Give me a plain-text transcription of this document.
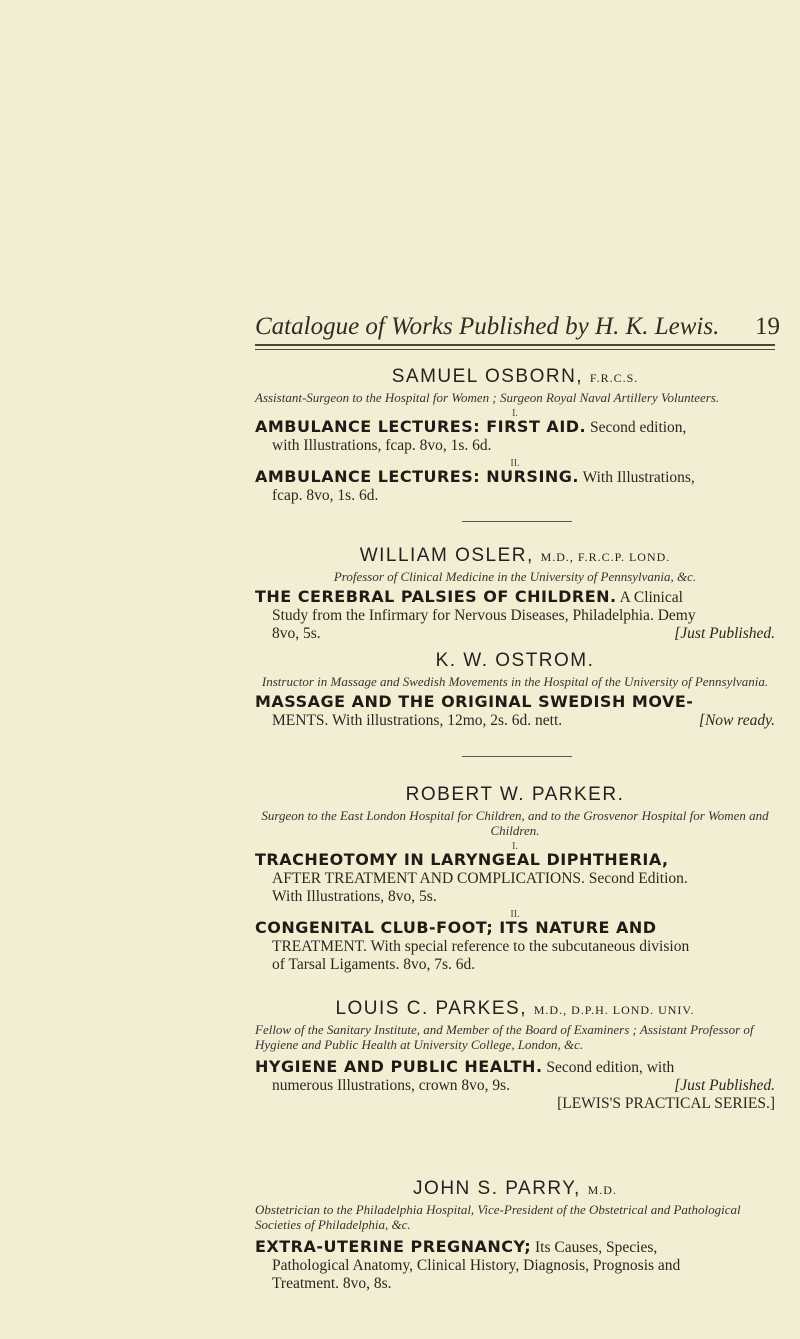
Catalogue of Works Published by H. K. Lewis. 19
SAMUEL OSBORN, F.R.C.S.
Assistant-Surgeon to the Hospital for Women ; Surgeon Royal Naval Artillery Volunteers.
I.
AMBULANCE LECTURES: FIRST AID. Second edition,
with Illustrations, fcap. 8vo, 1s. 6d.
II.
AMBULANCE LECTURES: NURSING. With Illustrations,
fcap. 8vo, 1s. 6d.
WILLIAM OSLER, M.D., F.R.C.P. LOND.
Professor of Clinical Medicine in the University of Pennsylvania, &c.
THE CEREBRAL PALSIES OF CHILDREN. A Clinical
Study from the Infirmary for Nervous Diseases, Philadelphia. Demy
8vo, 5s.	[Just Published.
K. W. OSTROM.
Instructor in Massage and Swedish Movements in the Hospital of the University of Pennsylvania.
MASSAGE AND THE ORIGINAL SWEDISH MOVE-
MENTS. With illustrations, 12mo, 2s. 6d. nett.	[Now ready.
ROBERT W. PARKER.
Surgeon to the East London Hospital for Children, and to the Grosvenor Hospital for Women and Children.
I.
TRACHEOTOMY IN LARYNGEAL DIPHTHERIA,
AFTER TREATMENT AND COMPLICATIONS. Second Edition.
With Illustrations, 8vo, 5s.
II.
CONGENITAL CLUB-FOOT; ITS NATURE AND
TREATMENT. With special reference to the subcutaneous division
of Tarsal Ligaments. 8vo, 7s. 6d.
LOUIS C. PARKES, M.D., D.P.H. LOND. UNIV.
Fellow of the Sanitary Institute, and Member of the Board of Examiners ; Assistant Professor of Hygiene and Public Health at University College, London, &c.
HYGIENE AND PUBLIC HEALTH. Second edition, with
numerous Illustrations, crown 8vo, 9s.	[Just Published.
[LEWIS'S PRACTICAL SERIES.]
JOHN S. PARRY, M.D.
Obstetrician to the Philadelphia Hospital, Vice-President of the Obstetrical and Pathological Societies of Philadelphia, &c.
EXTRA-UTERINE PREGNANCY; Its Causes, Species,
Pathological Anatomy, Clinical History, Diagnosis, Prognosis and
Treatment. 8vo, 8s.
